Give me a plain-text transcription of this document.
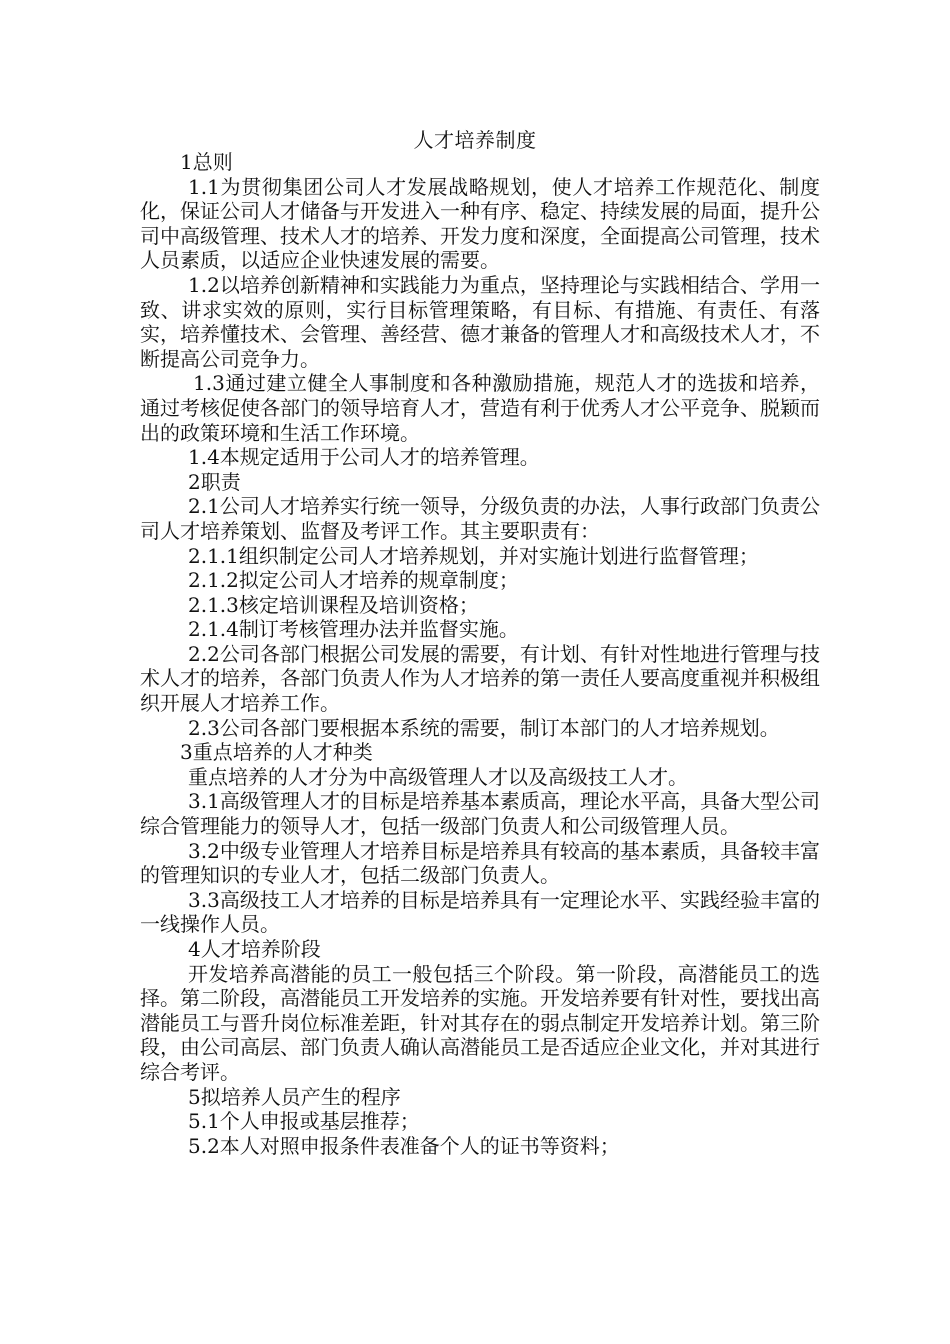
人才培养制度

1总则

1.1为贯彻集团公司人才发展战略规划，使人才培养工作规范化、制度化，保证公司人才储备与开发进入一种有序、稳定、持续发展的局面，提升公司中高级管理、技术人才的培养、开发力度和深度，全面提高公司管理，技术人员素质，以适应企业快速发展的需要。

1.2以培养创新精神和实践能力为重点，坚持理论与实践相结合、学用一致、讲求实效的原则，实行目标管理策略，有目标、有措施、有责任、有落实，培养懂技术、会管理、善经营、德才兼备的管理人才和高级技术人才，不断提高公司竞争力。

1.3通过建立健全人事制度和各种激励措施，规范人才的选拔和培养，通过考核促使各部门的领导培育人才，营造有利于优秀人才公平竞争、脱颖而出的政策环境和生活工作环境。

1.4本规定适用于公司人才的培养管理。

2职责

2.1公司人才培养实行统一领导，分级负责的办法，人事行政部门负责公司人才培养策划、监督及考评工作。其主要职责有：

2.1.1组织制定公司人才培养规划，并对实施计划进行监督管理；

2.1.2拟定公司人才培养的规章制度；

2.1.3核定培训课程及培训资格；

2.1.4制订考核管理办法并监督实施。

2.2公司各部门根据公司发展的需要，有计划、有针对性地进行管理与技术人才的培养，各部门负责人作为人才培养的第一责任人要高度重视并积极组织开展人才培养工作。

2.3公司各部门要根据本系统的需要，制订本部门的人才培养规划。

3重点培养的人才种类

重点培养的人才分为中高级管理人才以及高级技工人才。

3.1高级管理人才的目标是培养基本素质高，理论水平高，具备大型公司综合管理能力的领导人才，包括一级部门负责人和公司级管理人员。

3.2中级专业管理人才培养目标是培养具有较高的基本素质，具备较丰富的管理知识的专业人才，包括二级部门负责人。

3.3高级技工人才培养的目标是培养具有一定理论水平、实践经验丰富的一线操作人员。

4人才培养阶段

开发培养高潜能的员工一般包括三个阶段。第一阶段，高潜能员工的选择。第二阶段，高潜能员工开发培养的实施。开发培养要有针对性，要找出高潜能员工与晋升岗位标准差距，针对其存在的弱点制定开发培养计划。第三阶段，由公司高层、部门负责人确认高潜能员工是否适应企业文化，并对其进行综合考评。

5拟培养人员产生的程序

5.1个人申报或基层推荐；

5.2本人对照申报条件表准备个人的证书等资料；
